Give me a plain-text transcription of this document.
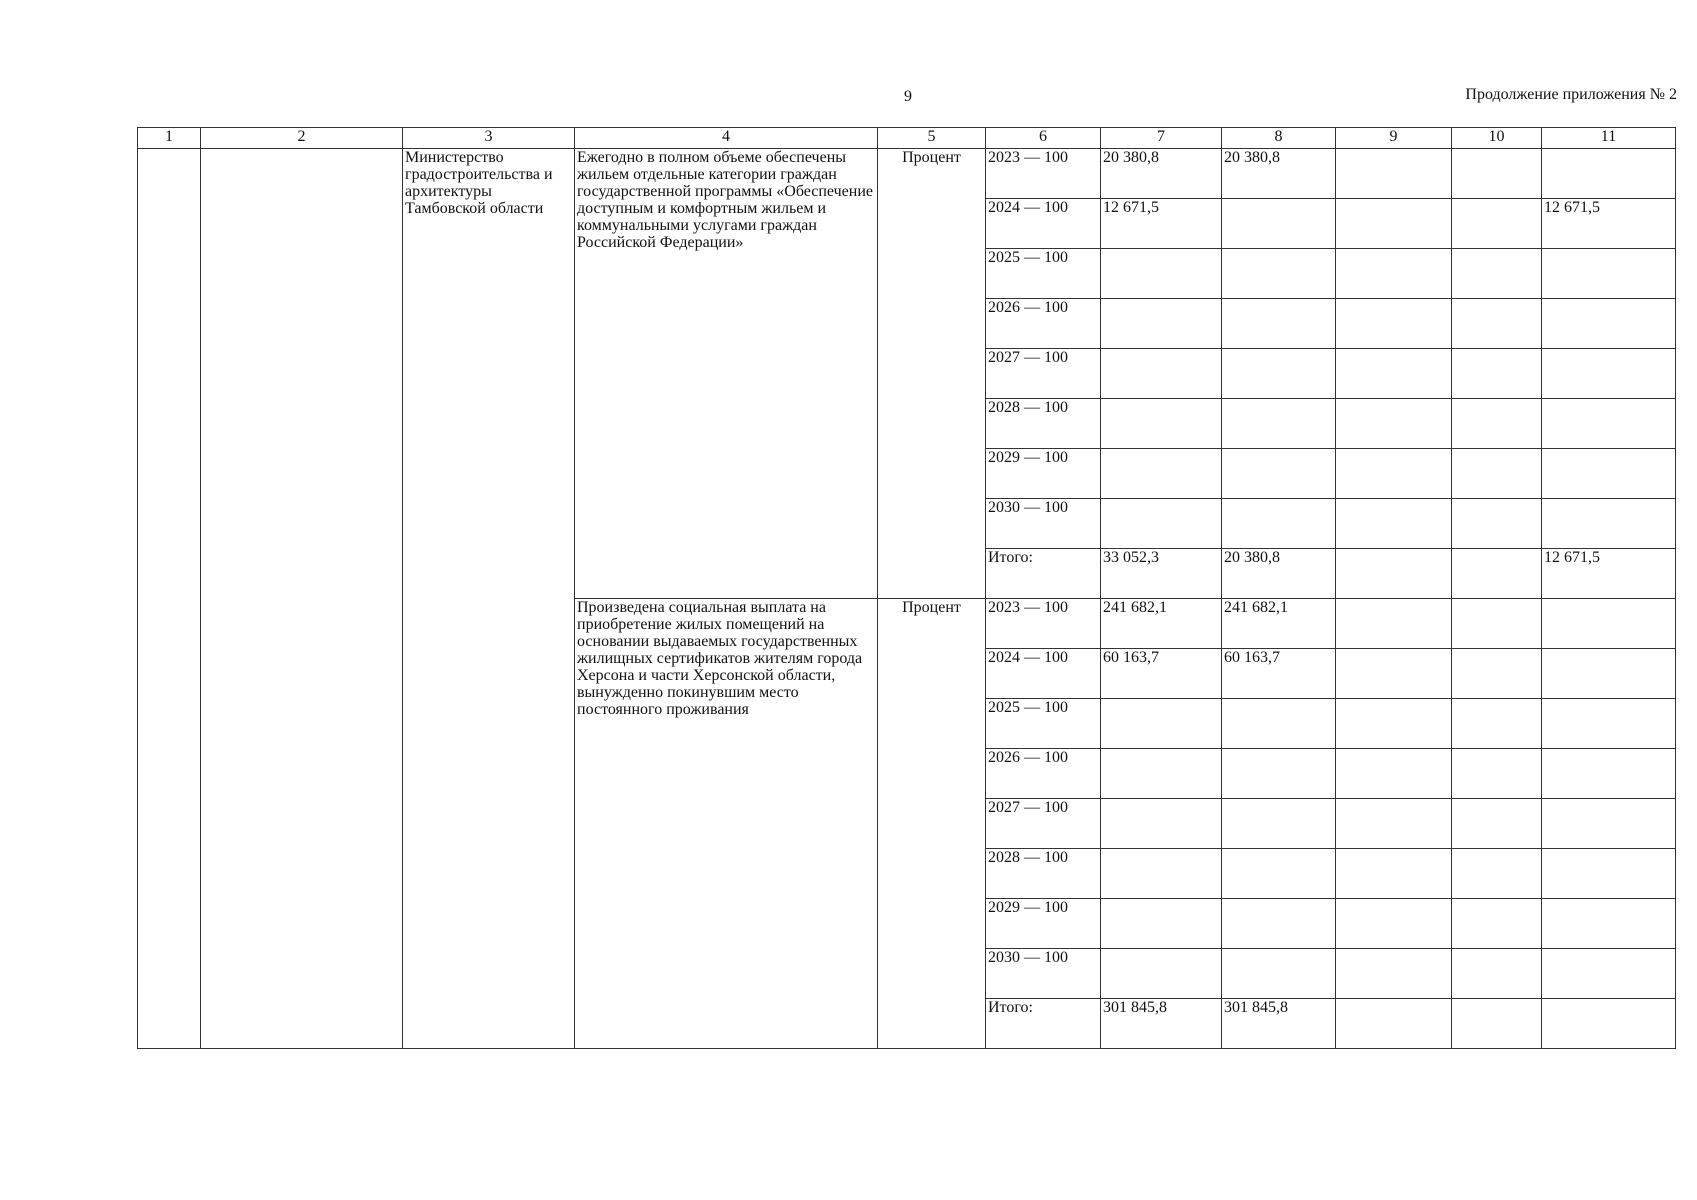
9	Продолжение приложения № 2
1	2	3	4	5	6	7	8	9	10	11
		Министерство градостроительства и архитектуры Тамбовской области	Ежегодно в полном объеме обеспечены жильем отдельные категории граждан государственной программы «Обеспечение доступным и комфортным жильем и коммунальными услугами граждан Российской Федерации»	Процент	2023 — 100	20 380,8	20 380,8			
					2024 — 100	12 671,5				12 671,5
					2025 — 100					
					2026 — 100					
					2027 — 100					
					2028 — 100					
					2029 — 100					
					2030 — 100					
					Итого:	33 052,3	20 380,8			12 671,5
			Произведена социальная выплата на приобретение жилых помещений на основании выдаваемых государственных жилищных сертификатов жителям города Херсона и части Херсонской области, вынужденно покинувшим место постоянного проживания	Процент	2023 — 100	241 682,1	241 682,1			
					2024 — 100	60 163,7	60 163,7			
					2025 — 100					
					2026 — 100					
					2027 — 100					
					2028 — 100					
					2029 — 100					
					2030 — 100					
					Итого:	301 845,8	301 845,8			
